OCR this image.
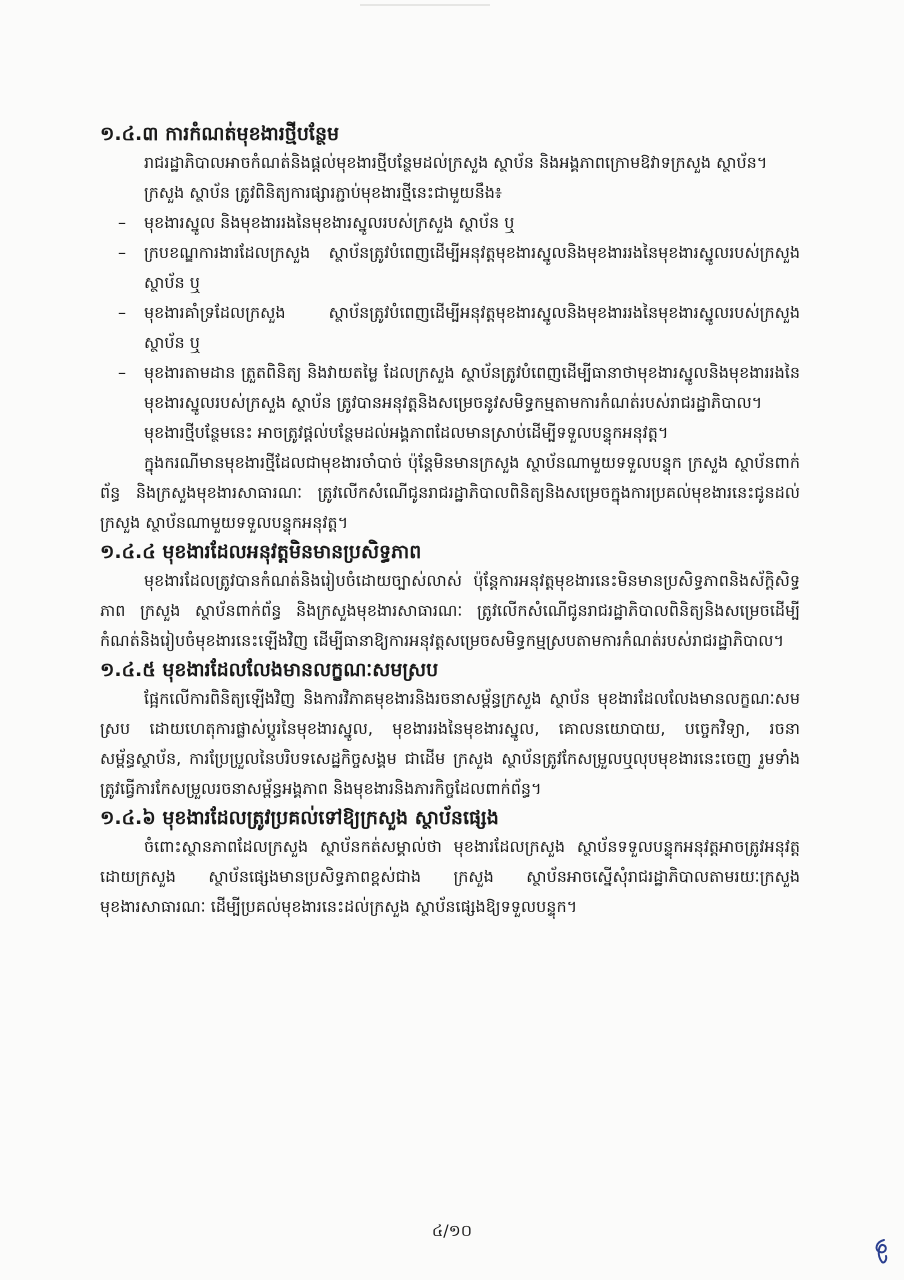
១.៤.៣ ការកំណត់មុខងារថ្មីបន្ថែម

រាជរដ្ឋាភិបាលអាចកំណត់និងផ្តល់មុខងារថ្មីបន្ថែមដល់ក្រសួង ស្ថាប័ន និងអង្គភាពក្រោមឱវាទក្រសួង ស្ថាប័ន។

ក្រសួង ស្ថាប័ន ត្រូវពិនិត្យការផ្សារភ្ជាប់មុខងារថ្មីនេះជាមួយនឹង៖

– មុខងារស្នូល និងមុខងាររងនៃមុខងារស្នូលរបស់ក្រសួង ស្ថាប័ន ឬ
– ក្របខណ្ឌការងារដែលក្រសួង ស្ថាប័នត្រូវបំពេញដើម្បីអនុវត្តមុខងារស្នូលនិងមុខងាររងនៃមុខងារស្នូលរបស់ក្រសួង ស្ថាប័ន ឬ
– មុខងារគាំទ្រដែលក្រសួង ស្ថាប័នត្រូវបំពេញដើម្បីអនុវត្តមុខងារស្នូលនិងមុខងាររងនៃមុខងារស្នូលរបស់ក្រសួង ស្ថាប័ន ឬ
– មុខងារតាមដាន ត្រួតពិនិត្យ និងវាយតម្លៃ ដែលក្រសួង ស្ថាប័នត្រូវបំពេញដើម្បីធានាថាមុខងារស្នូលនិងមុខងាររងនៃមុខងារស្នូលរបស់ក្រសួង ស្ថាប័ន ត្រូវបានអនុវត្តនិងសម្រេចនូវសមិទ្ធកម្មតាមការកំណត់របស់រាជរដ្ឋាភិបាល។

មុខងារថ្មីបន្ថែមនេះ អាចត្រូវផ្តល់បន្ថែមដល់អង្គភាពដែលមានស្រាប់ដើម្បីទទួលបន្ទុកអនុវត្ត។

ក្នុងករណីមានមុខងារថ្មីដែលជាមុខងារចាំបាច់ ប៉ុន្តែមិនមានក្រសួង ស្ថាប័នណាមួយទទួលបន្ទុក ក្រសួង ស្ថាប័នពាក់ព័ន្ធ និងក្រសួងមុខងារសាធារណៈ ត្រូវលើកសំណើជូនរាជរដ្ឋាភិបាលពិនិត្យនិងសម្រេចក្នុងការប្រគល់មុខងារនេះជូនដល់ក្រសួង ស្ថាប័នណាមួយទទួលបន្ទុកអនុវត្ត។

១.៤.៤ មុខងារដែលអនុវត្តមិនមានប្រសិទ្ធភាព

មុខងារដែលត្រូវបានកំណត់និងរៀបចំដោយច្បាស់លាស់ ប៉ុន្តែការអនុវត្តមុខងារនេះមិនមានប្រសិទ្ធភាពនិងស័ក្តិសិទ្ធភាព ក្រសួង ស្ថាប័នពាក់ព័ន្ធ និងក្រសួងមុខងារសាធារណៈ ត្រូវលើកសំណើជូនរាជរដ្ឋាភិបាលពិនិត្យនិងសម្រេចដើម្បីកំណត់និងរៀបចំមុខងារនេះឡើងវិញ ដើម្បីធានាឱ្យការអនុវត្តសម្រេចសមិទ្ធកម្មស្របតាមការកំណត់របស់រាជរដ្ឋាភិបាល។

១.៤.៥ មុខងារដែលលែងមានលក្ខណៈសមស្រប

ផ្អែកលើការពិនិត្យឡើងវិញ និងការវិភាគមុខងារនិងរចនាសម្ព័ន្ធក្រសួង ស្ថាប័ន មុខងារដែលលែងមានលក្ខណៈសមស្រប ដោយហេតុការផ្លាស់ប្តូរនៃមុខងារស្នូល, មុខងាររងនៃមុខងារស្នូល, គោលនយោបាយ, បច្ចេកវិទ្យា, រចនាសម្ព័ន្ធស្ថាប័ន, ការប្រែប្រួលនៃបរិបទសេដ្ឋកិច្ចសង្គម ជាដើម ក្រសួង ស្ថាប័នត្រូវកែសម្រួលឬលុបមុខងារនេះចេញ រួមទាំងត្រូវធ្វើការកែសម្រួលរចនាសម្ព័ន្ធអង្គភាព និងមុខងារនិងភារកិច្ចដែលពាក់ព័ន្ធ។

១.៤.៦ មុខងារដែលត្រូវប្រគល់ទៅឱ្យក្រសួង ស្ថាប័នផ្សេង

ចំពោះស្ថានភាពដែលក្រសួង ស្ថាប័នកត់សម្គាល់ថា មុខងារដែលក្រសួង ស្ថាប័នទទួលបន្ទុកអនុវត្តអាចត្រូវអនុវត្តដោយក្រសួង ស្ថាប័នផ្សេងមានប្រសិទ្ធភាពខ្ពស់ជាង ក្រសួង ស្ថាប័នអាចស្នើសុំរាជរដ្ឋាភិបាលតាមរយៈក្រសួងមុខងារសាធារណៈ ដើម្បីប្រគល់មុខងារនេះដល់ក្រសួង ស្ថាប័នផ្សេងឱ្យទទួលបន្ទុក។

៤/១០
